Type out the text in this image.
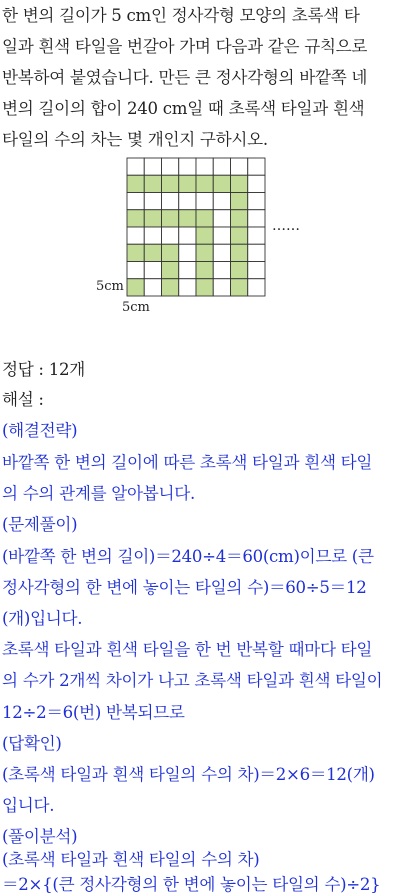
한 변의 길이가 5 cm인 정사각형 모양의 초록색 타
일과 흰색 타일을 번갈아 가며 다음과 같은 규칙으로
반복하여 붙였습니다. 만든 큰 정사각형의 바깥쪽 네
변의 길이의 합이 240 cm일 때 초록색 타일과 흰색
타일의 수의 차는 몇 개인지 구하시오.
5cm
5cm
……
정답 : 12개
해설 :
(해결전략)
바깥쪽 한 변의 길이에 따른 초록색 타일과 흰색 타일
의 수의 관계를 알아봅니다.
(문제풀이)
(바깥쪽 한 변의 길이)＝240÷4＝60(cm)이므로 (큰
정사각형의 한 변에 놓이는 타일의 수)＝60÷5＝12
(개)입니다.
초록색 타일과 흰색 타일을 한 번 반복할 때마다 타일
의 수가 2개씩 차이가 나고 초록색 타일과 흰색 타일이
12÷2＝6(번) 반복되므로
(답확인)
(초록색 타일과 흰색 타일의 수의 차)＝2×6＝12(개)
입니다.
(풀이분석)
(초록색 타일과 흰색 타일의 수의 차)
＝2×{(큰 정사각형의 한 변에 놓이는 타일의 수)÷2}
